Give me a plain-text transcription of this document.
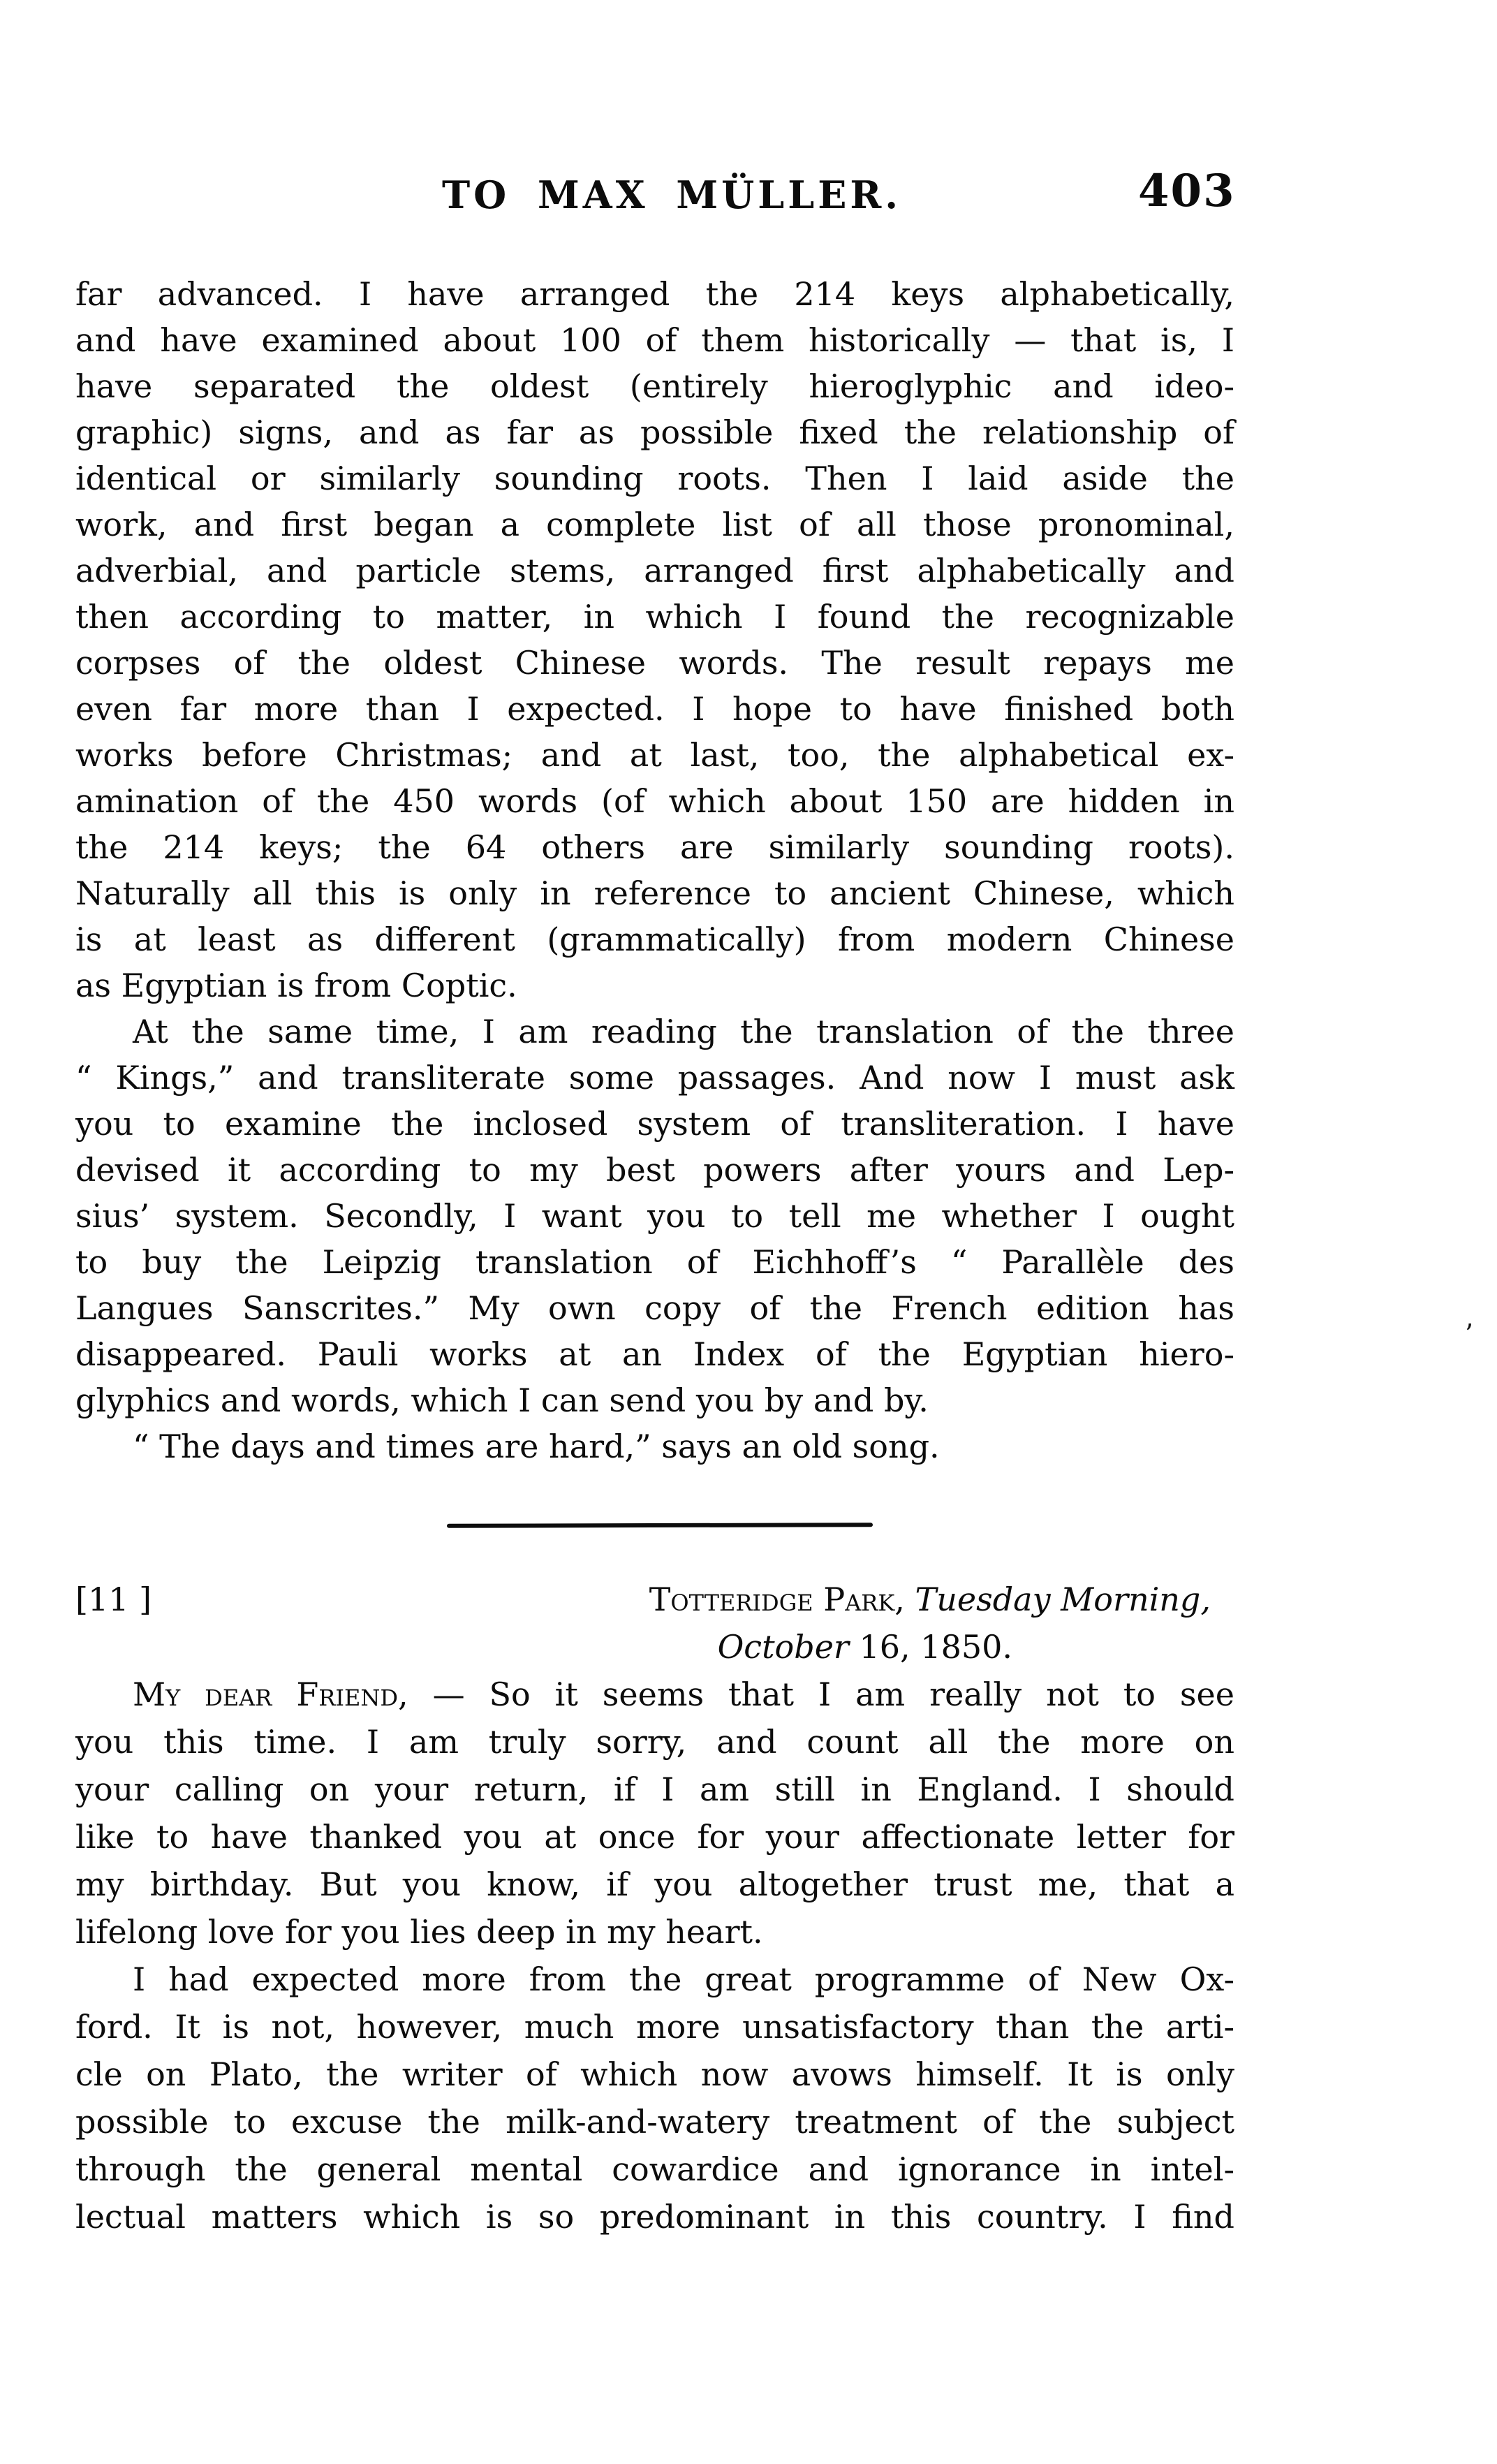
TO MAX MÜLLER.	403
far advanced. I have arranged the 214 keys alphabetically,
and have examined about 100 of them historically — that is, I
have separated the oldest (entirely hieroglyphic and ideo-
graphic) signs, and as far as possible fixed the relationship of
identical or similarly sounding roots. Then I laid aside the
work, and first began a complete list of all those pronominal,
adverbial, and particle stems, arranged first alphabetically and
then according to matter, in which I found the recognizable
corpses of the oldest Chinese words. The result repays me
even far more than I expected. I hope to have finished both
works before Christmas; and at last, too, the alphabetical ex-
amination of the 450 words (of which about 150 are hidden in
the 214 keys; the 64 others are similarly sounding roots).
Naturally all this is only in reference to ancient Chinese, which
is at least as different (grammatically) from modern Chinese
as Egyptian is from Coptic.
At the same time, I am reading the translation of the three
“ Kings,” and transliterate some passages. And now I must ask
you to examine the inclosed system of transliteration. I have
devised it according to my best powers after yours and Lep-
sius’ system. Secondly, I want you to tell me whether I ought
to buy the Leipzig translation of Eichhoff’s “ Parallèle des
Langues Sanscrites.” My own copy of the French edition has
disappeared. Pauli works at an Index of the Egyptian hiero-
glyphics and words, which I can send you by and by.
“ The days and times are hard,” says an old song.
[11 ]	Totteridge Park, Tuesday Morning,
October 16, 1850.
My dear Friend, — So it seems that I am really not to see
you this time. I am truly sorry, and count all the more on
your calling on your return, if I am still in England. I should
like to have thanked you at once for your affectionate letter for
my birthday. But you know, if you altogether trust me, that a
lifelong love for you lies deep in my heart.
I had expected more from the great programme of New Ox-
ford. It is not, however, much more unsatisfactory than the arti-
cle on Plato, the writer of which now avows himself. It is only
possible to excuse the milk-and-watery treatment of the subject
through the general mental cowardice and ignorance in intel-
lectual matters which is so predominant in this country. I find
’
